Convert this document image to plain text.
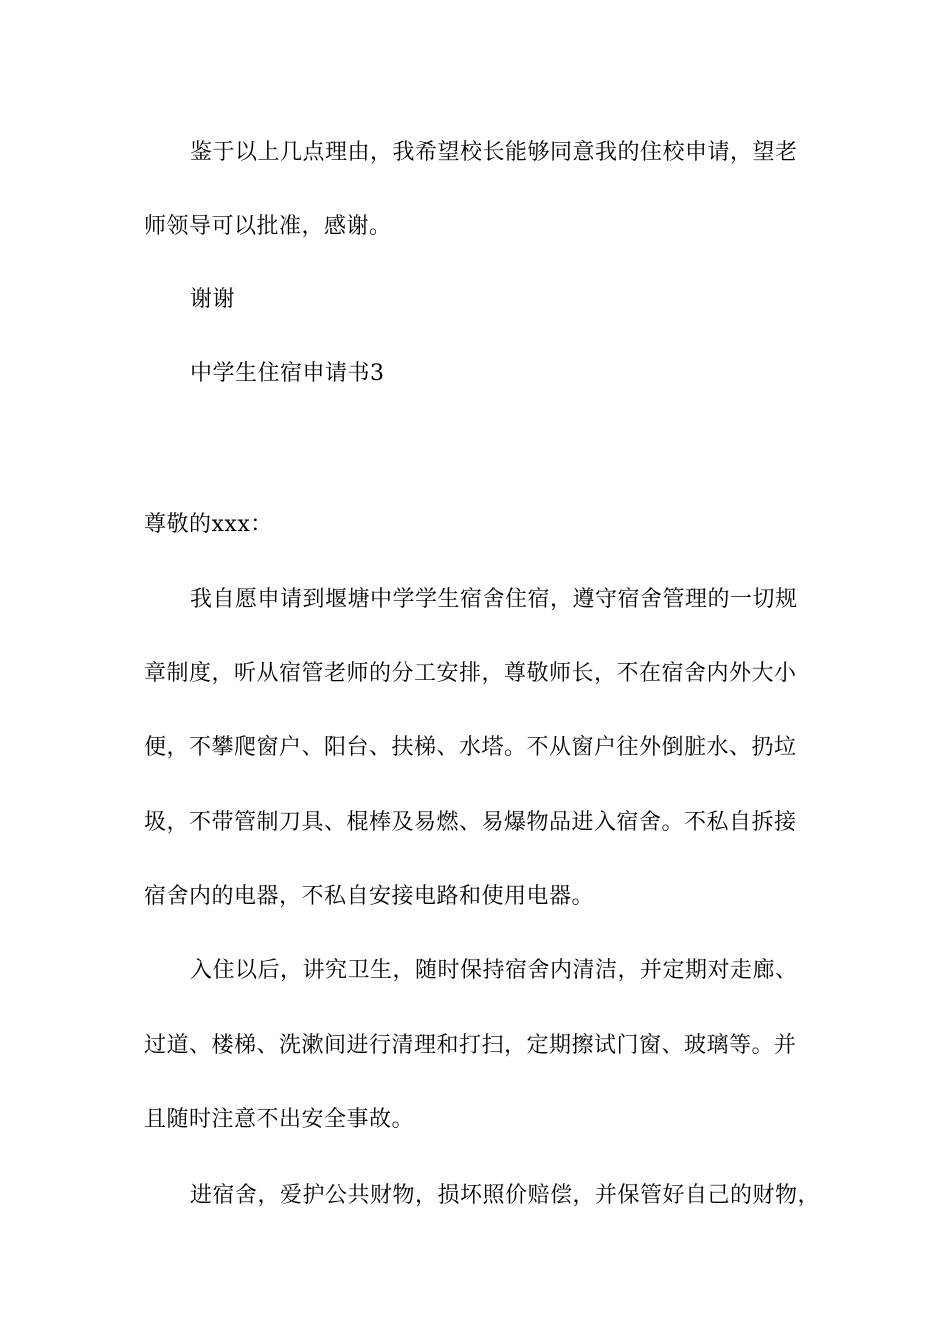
鉴于以上几点理由，我希望校长能够同意我的住校申请，望老
师领导可以批准，感谢。
谢谢
中学生住宿申请书3
尊敬的xxx：
我自愿申请到堰塘中学学生宿舍住宿，遵守宿舍管理的一切规
章制度，听从宿管老师的分工安排，尊敬师长，不在宿舍内外大小
便，不攀爬窗户、阳台、扶梯、水塔。不从窗户往外倒脏水、扔垃
圾，不带管制刀具、棍棒及易燃、易爆物品进入宿舍。不私自拆接
宿舍内的电器，不私自安接电路和使用电器。
入住以后，讲究卫生，随时保持宿舍内清洁，并定期对走廊、
过道、楼梯、洗漱间进行清理和打扫，定期擦试门窗、玻璃等。并
且随时注意不出安全事故。
进宿舍，爱护公共财物，损坏照价赔偿，并保管好自己的财物，
